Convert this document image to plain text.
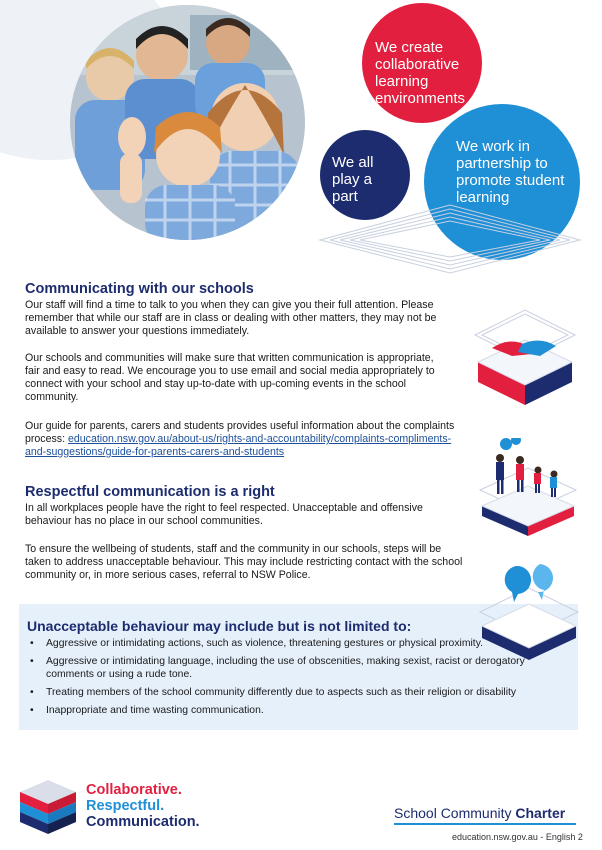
We create collaborative learning environments
We all play a part
We work in partnership to promote student learning
Communicating with our schools
Our staff will find a time to talk to you when they can give you their full attention. Please remember that while our staff are in class or dealing with other matters, they may not be available to answer your questions immediately.
Our schools and communities will make sure that written communication is appropriate, fair and easy to read. We encourage you to use email and social media appropriately to connect with your school and stay up-to-date with up-coming events in the school community.
Our guide for parents, carers and students provides useful information about the complaints process: education.nsw.gov.au/about-us/rights-and-accountability/complaints-compliments-and-suggestions/guide-for-parents-carers-and-students
Respectful communication is a right
In all workplaces people have the right to feel respected. Unacceptable and offensive behaviour has no place in our school communities.
To ensure the wellbeing of students, staff and the community in our schools, steps will be taken to address unacceptable behaviour. This may include restricting contact with the school community or, in more serious cases, referral to NSW Police.
Unacceptable behaviour may include but is not limited to:
• Aggressive or intimidating actions, such as violence, threatening gestures or physical proximity.
• Aggressive or intimidating language, including the use of obscenities, making sexist, racist or derogatory comments or using a rude tone.
• Treating members of the school community differently due to aspects such as their religion or disability
• Inappropriate and time wasting communication.
Collaborative.
Respectful.
Communication.
School Community Charter
education.nsw.gov.au - English 2
